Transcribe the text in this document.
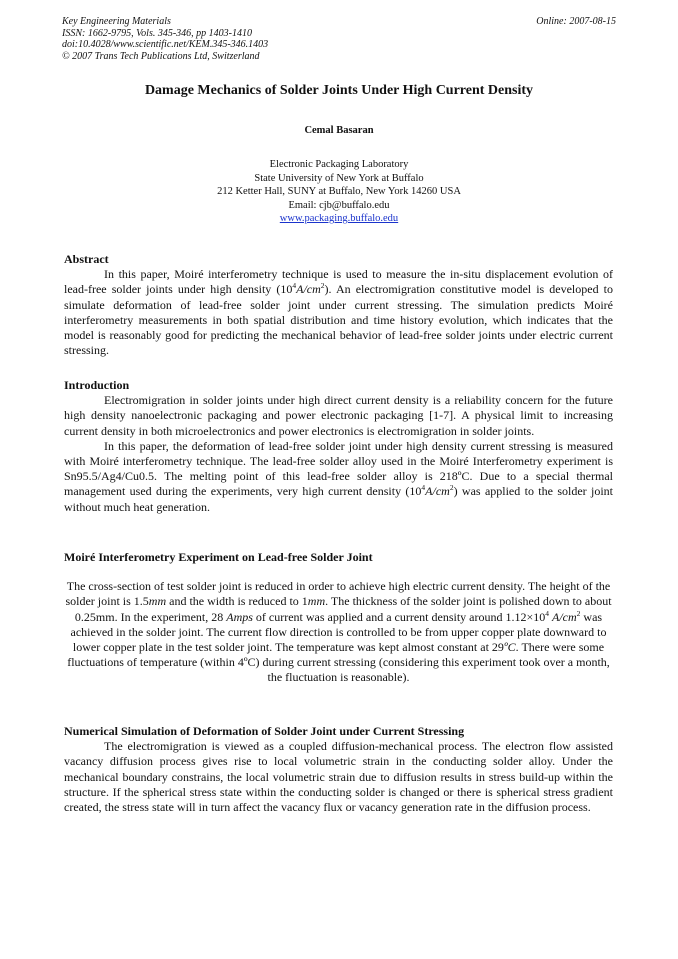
Key Engineering Materials
ISSN: 1662-9795, Vols. 345-346, pp 1403-1410
doi:10.4028/www.scientific.net/KEM.345-346.1403
© 2007 Trans Tech Publications Ltd, Switzerland
Online: 2007-08-15
Damage Mechanics of Solder Joints Under High Current Density
Cemal Basaran
Electronic Packaging Laboratory
State University of New York at Buffalo
212 Ketter Hall, SUNY at Buffalo, New York 14260 USA
Email: cjb@buffalo.edu
www.packaging.buffalo.edu
Abstract

In this paper, Moiré interferometry technique is used to measure the in-situ displacement evolution of lead-free solder joints under high density $(10^4A/cm^2)$. An electromigration constitutive model is developed to simulate deformation of lead-free solder joint under current stressing. The simulation predicts Moiré interferometry measurements in both spatial distribution and time history evolution, which indicates that the model is reasonably good for predicting the mechanical behavior of lead-free solder joints under electric current stressing.

Introduction

Electromigration in solder joints under high direct current density is a reliability concern for the future high density nanoelectronic packaging and power electronic packaging [1-7]. A physical limit to increasing current density in both microelectronics and power electronics is electromigration in solder joints.

In this paper, the deformation of lead-free solder joint under high density current stressing is measured with Moiré interferometry technique. The lead-free solder alloy used in the Moiré Interferometry experiment is Sn95.5/Ag4/Cu0.5. The melting point of this lead-free solder alloy is 218ºC. Due to a special thermal management used during the experiments, very high current density $(10^4A/cm^2)$ was applied to the solder joint without much heat generation.

Moiré Interferometry Experiment on Lead-free Solder Joint

The cross-section of test solder joint is reduced in order to achieve high electric current density. The height of the solder joint is 1.5mm and the width is reduced to 1mm. The thickness of the solder joint is polished down to about 0.25mm. In the experiment, 28 Amps of current was applied and a current density around $1.12\times 10^4$ $A/cm^2$ was achieved in the solder joint. The current flow direction is controlled to be from upper copper plate downward to lower copper plate in the test solder joint. The temperature was kept almost constant at 29ºC. There were some fluctuations of temperature (within 4ºC) during current stressing (considering this experiment took over a month, the fluctuation is reasonable).

Numerical Simulation of Deformation of Solder Joint under Current Stressing

The electromigration is viewed as a coupled diffusion-mechanical process. The electron flow assisted vacancy diffusion process gives rise to local volumetric strain in the conducting solder alloy. Under the mechanical boundary constrains, the local volumetric strain due to diffusion results in stress build-up within the structure. If the spherical stress state within the conducting solder is changed or there is spherical stress gradient created, the stress state will in turn affect the vacancy flux or vacancy generation rate in the diffusion process.
